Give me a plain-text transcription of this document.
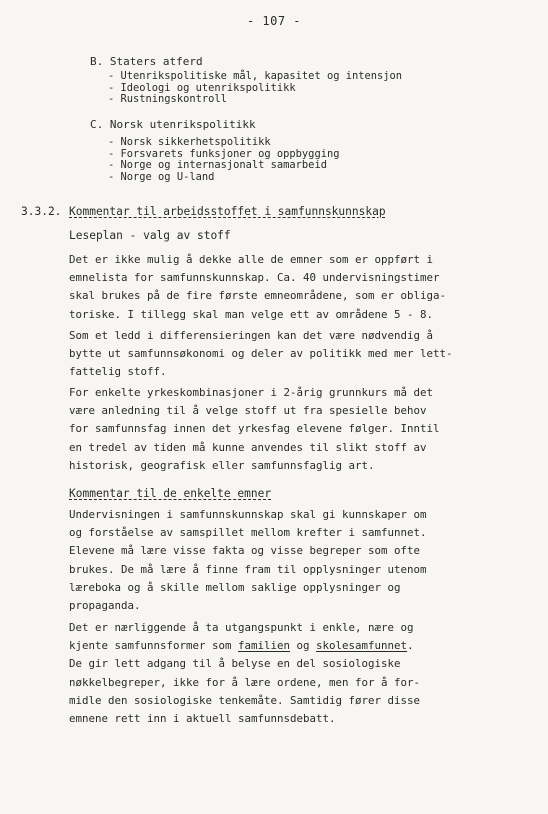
- 107 -
B. Staters atferd
- Utenrikspolitiske mål, kapasitet og intensjon
- Ideologi og utenrikspolitikk
- Rustningskontroll
C. Norsk utenrikspolitikk
- Norsk sikkerhetspolitikk
- Forsvarets funksjoner og oppbygging
- Norge og internasjonalt samarbeid
- Norge og U-land
3.3.2. Kommentar til arbeidsstoffet i samfunnskunnskap
Leseplan - valg av stoff
Det er ikke mulig å dekke alle de emner som er oppført i
emnelista for samfunnskunnskap. Ca. 40 undervisningstimer
skal brukes på de fire første emneområdene, som er obliga-
toriske. I tillegg skal man velge ett av områdene 5 - 8.
Som et ledd i differensieringen kan det være nødvendig å
bytte ut samfunnsøkonomi og deler av politikk med mer lett-
fattelig stoff.
For enkelte yrkeskombinasjoner i 2-årig grunnkurs må det
være anledning til å velge stoff ut fra spesielle behov
for samfunnsfag innen det yrkesfag elevene følger. Inntil
en tredel av tiden må kunne anvendes til slikt stoff av
historisk, geografisk eller samfunnsfaglig art.
Kommentar til de enkelte emner
Undervisningen i samfunnskunnskap skal gi kunnskaper om
og forståelse av samspillet mellom krefter i samfunnet.
Elevene må lære visse fakta og visse begreper som ofte
brukes. De må lære å finne fram til opplysninger utenom
læreboka og å skille mellom saklige opplysninger og
propaganda.
Det er nærliggende å ta utgangspunkt i enkle, nære og
kjente samfunnsformer som familien og skolesamfunnet.
De gir lett adgang til å belyse en del sosiologiske
nøkkelbegreper, ikke for å lære ordene, men for å for-
midle den sosiologiske tenkemåte. Samtidig fører disse
emnene rett inn i aktuell samfunnsdebatt.
